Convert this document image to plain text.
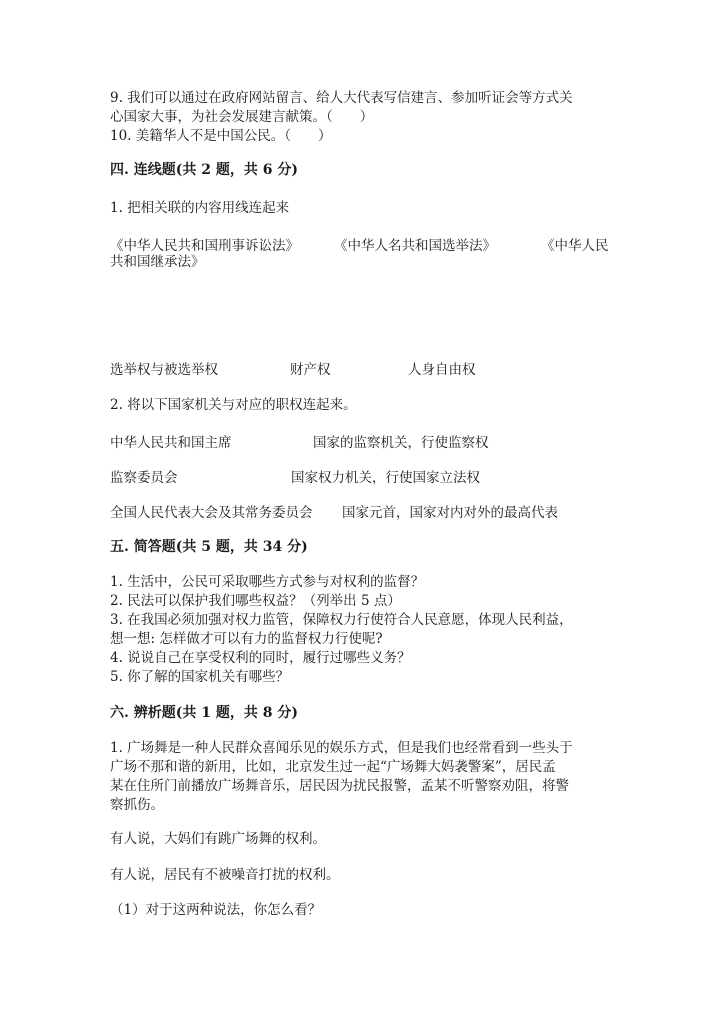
9. 我们可以通过在政府网站留言、给人大代表写信建言、参加听证会等方式关
心国家大事，为社会发展建言献策。（　　）
10. 美籍华人不是中国公民。（　　）
四. 连线题(共 2 题，共 6 分)
1. 把相关联的内容用线连起来
《中华人民共和国刑事诉讼法》	《中华人名共和国选举法》	《中华人民
共和国继承法》
选举权与被选举权	财产权	人身自由权
2. 将以下国家机关与对应的职权连起来。
中华人民共和国主席	国家的监察机关，行使监察权
监察委员会	国家权力机关，行使国家立法权
全国人民代表大会及其常务委员会 国家元首，国家对内对外的最高代表
五. 简答题(共 5 题，共 34 分)
1. 生活中，公民可采取哪些方式参与对权利的监督？
2. 民法可以保护我们哪些权益？（列举出 5 点）
3. 在我国必须加强对权力监管，保障权力行使符合人民意愿，体现人民利益，
想一想: 怎样做才可以有力的监督权力行使呢?
4. 说说自己在享受权利的同时，履行过哪些义务？
5. 你了解的国家机关有哪些？
六. 辨析题(共 1 题，共 8 分)
1. 广场舞是一种人民群众喜闻乐见的娱乐方式，但是我们也经常看到一些头于
广场不那和谐的新用，比如，北京发生过一起“广场舞大妈袭警案”，居民孟
某在住所门前播放广场舞音乐，居民因为扰民报警，孟某不听警察劝阻，将警
察抓伤。
有人说，大妈们有跳广场舞的权利。
有人说，居民有不被噪音打扰的权利。
（1）对于这两种说法，你怎么看？
